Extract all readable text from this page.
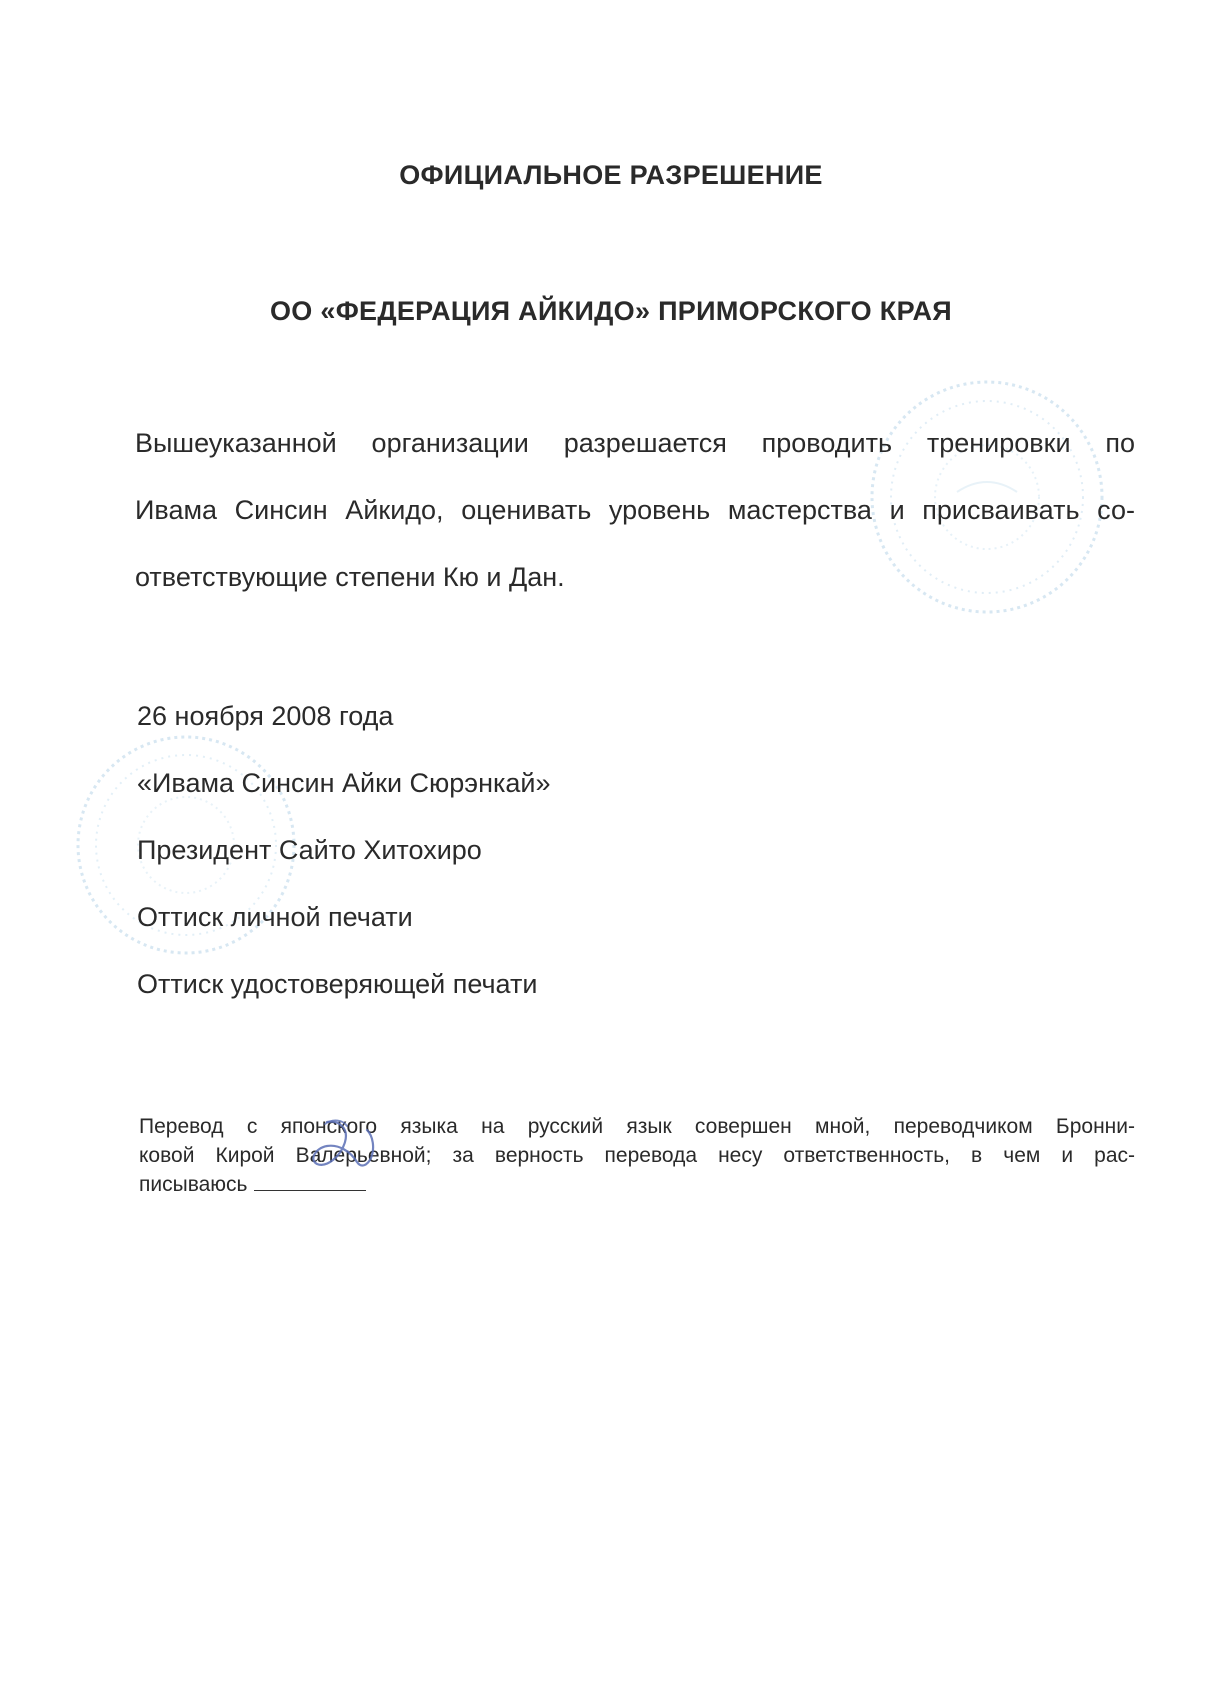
ОФИЦИАЛЬНОЕ РАЗРЕШЕНИЕ
ОО «ФЕДЕРАЦИЯ АЙКИДО» ПРИМОРСКОГО КРАЯ
Вышеуказанной организации разрешается проводить тренировки по
Ивама Синсин Айкидо, оценивать уровень мастерства и присваивать со-
ответствующие степени Кю и Дан.
26 ноября 2008 года
«Ивама Синсин Айки Сюрэнкай»
Президент Сайто Хитохиро
Оттиск личной печати
Оттиск удостоверяющей печати
Перевод с японского языка на русский язык совершен мной, переводчиком Бронни-
ковой Кирой Валерьевной; за верность перевода несу ответственность, в чем и рас-
писываюсь
